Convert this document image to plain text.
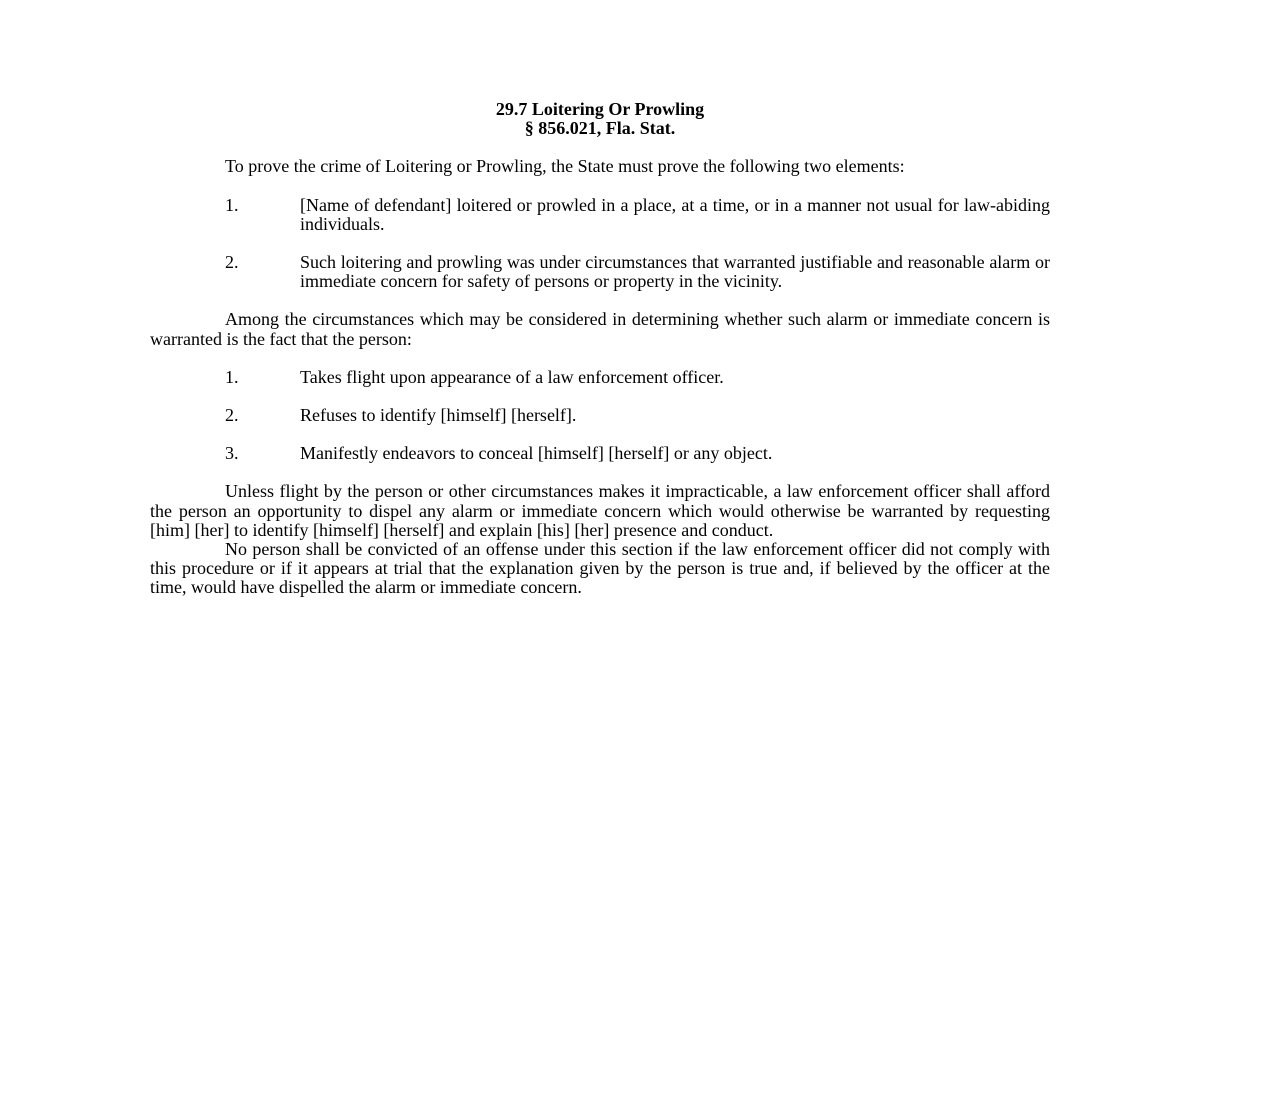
29.7 Loitering Or Prowling
§ 856.021, Fla. Stat.

To prove the crime of Loitering or Prowling, the State must prove the following two elements:

1.	[Name of defendant] loitered or prowled in a place, at a time, or in a manner not usual for law-abiding individuals.
2.	Such loitering and prowling was under circumstances that warranted justifiable and reasonable alarm or immediate concern for safety of persons or property in the vicinity.

Among the circumstances which may be considered in determining whether such alarm or immediate concern is warranted is the fact that the person:

1.	Takes flight upon appearance of a law enforcement officer.
2.	Refuses to identify [himself] [herself].
3.	Manifestly endeavors to conceal [himself] [herself] or any object.

Unless flight by the person or other circumstances makes it impracticable, a law enforcement officer shall afford the person an opportunity to dispel any alarm or immediate concern which would otherwise be warranted by requesting [him] [her] to identify [himself] [herself] and explain [his] [her] presence and conduct.

No person shall be convicted of an offense under this section if the law enforcement officer did not comply with this procedure or if it appears at trial that the explanation given by the person is true and, if believed by the officer at the time, would have dispelled the alarm or immediate concern.
